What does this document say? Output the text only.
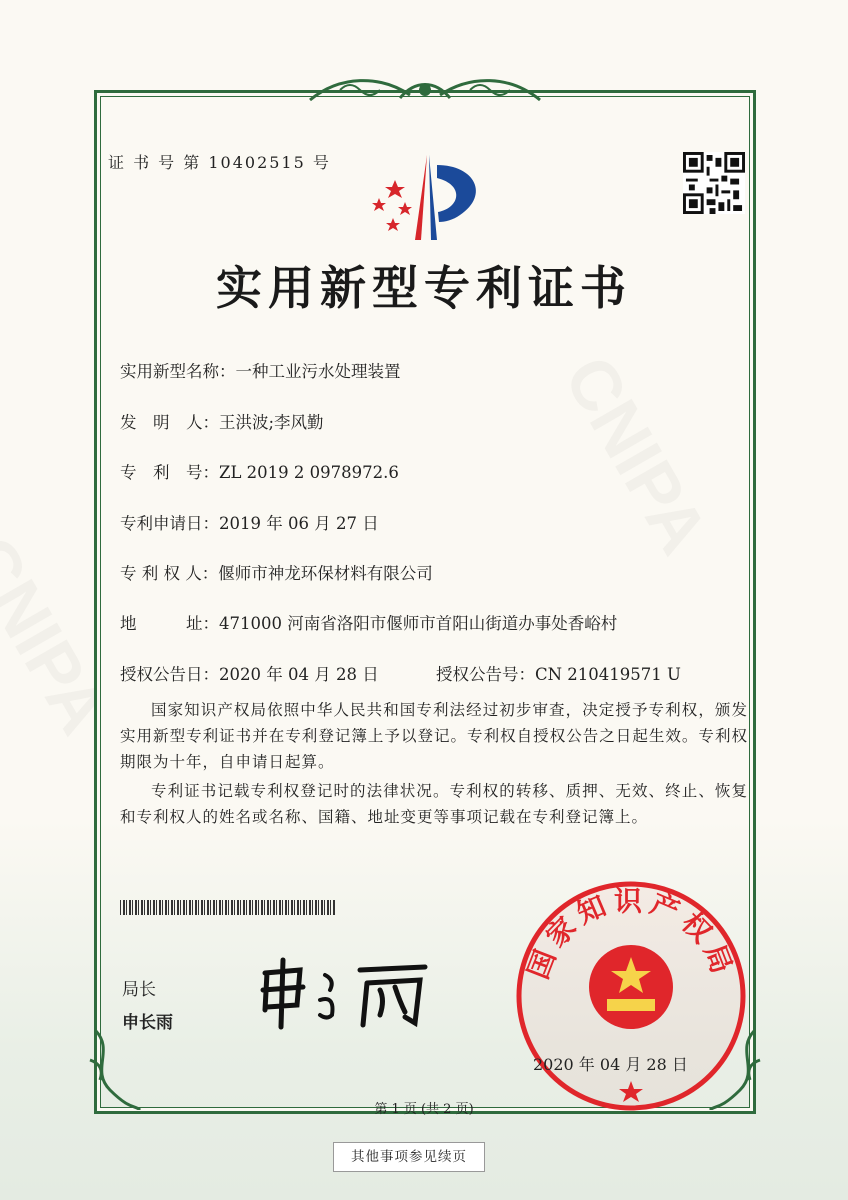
证 书 号 第 10402515 号
实用新型专利证书
实用新型名称：一种工业污水处理装置
发　明　人：王洪波;李风勤
专　利　号：ZL 2019 2 0978972.6
专利申请日：2019 年 06 月 27 日
专 利 权 人：偃师市神龙环保材料有限公司
地　　　址：471000 河南省洛阳市偃师市首阳山街道办事处香峪村
授权公告日：2020 年 04 月 28 日	授权公告号：CN 210419571 U
国家知识产权局依照中华人民共和国专利法经过初步审查，决定授予专利权，颁发实用新型专利证书并在专利登记簿上予以登记。专利权自授权公告之日起生效。专利权期限为十年，自申请日起算。
专利证书记载专利权登记时的法律状况。专利权的转移、质押、无效、终止、恢复和专利权人的姓名或名称、国籍、地址变更等事项记载在专利登记簿上。
局长
申长雨
国家知识产权局
2020 年 04 月 28 日
第 1 页 (共 2 页)
其他事项参见续页
